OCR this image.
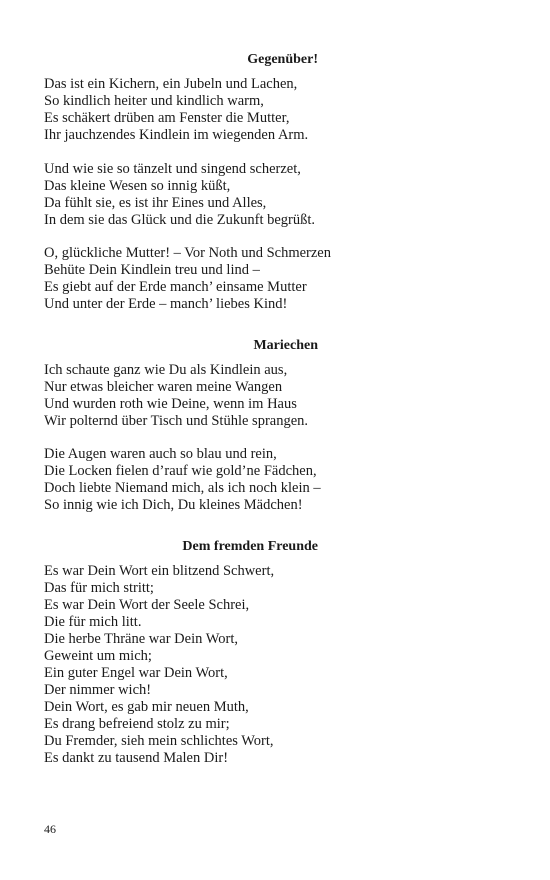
Gegenüber!
Das ist ein Kichern, ein Jubeln und Lachen,
So kindlich heiter und kindlich warm,
Es schäkert drüben am Fenster die Mutter,
Ihr jauchzendes Kindlein im wiegenden Arm.
Und wie sie so tänzelt und singend scherzet,
Das kleine Wesen so innig küßt,
Da fühlt sie, es ist ihr Eines und Alles,
In dem sie das Glück und die Zukunft begrüßt.
O, glückliche Mutter! – Vor Noth und Schmerzen
Behüte Dein Kindlein treu und lind –
Es giebt auf der Erde manch’ einsame Mutter
Und unter der Erde – manch’ liebes Kind!
Mariechen
Ich schaute ganz wie Du als Kindlein aus,
Nur etwas bleicher waren meine Wangen
Und wurden roth wie Deine, wenn im Haus
Wir polternd über Tisch und Stühle sprangen.
Die Augen waren auch so blau und rein,
Die Locken fielen d’rauf wie gold’ne Fädchen,
Doch liebte Niemand mich, als ich noch klein –
So innig wie ich Dich, Du kleines Mädchen!
Dem fremden Freunde
Es war Dein Wort ein blitzend Schwert,
Das für mich stritt;
Es war Dein Wort der Seele Schrei,
Die für mich litt.
Die herbe Thräne war Dein Wort,
Geweint um mich;
Ein guter Engel war Dein Wort,
Der nimmer wich!
Dein Wort, es gab mir neuen Muth,
Es drang befreiend stolz zu mir;
Du Fremder, sieh mein schlichtes Wort,
Es dankt zu tausend Malen Dir!
46
